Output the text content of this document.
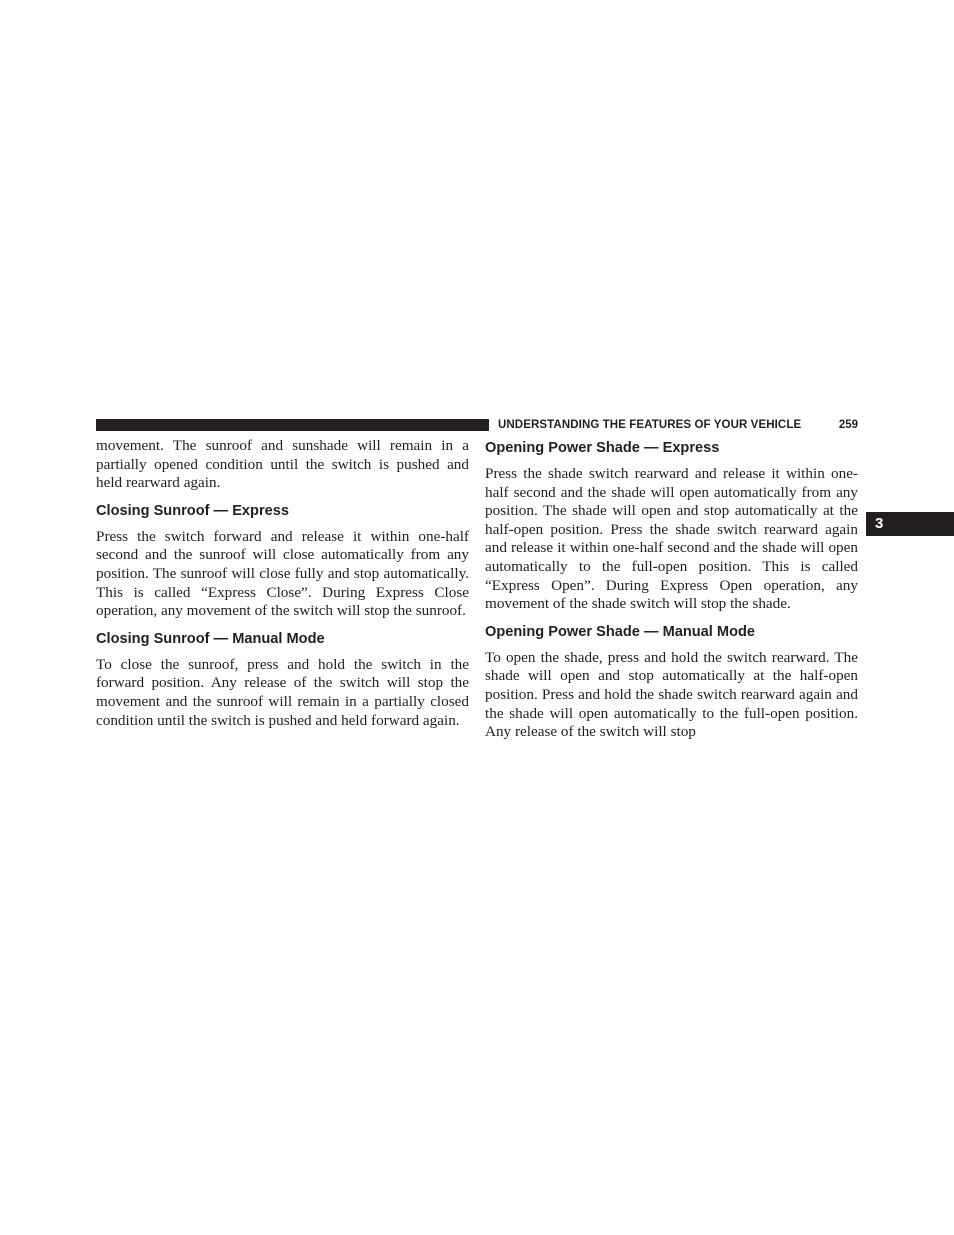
UNDERSTANDING THE FEATURES OF YOUR VEHICLE	259
3

movement. The sunroof and sunshade will remain in a partially opened condition until the switch is pushed and held rearward again.

Closing Sunroof — Express

Press the switch forward and release it within one-half second and the sunroof will close automatically from any position. The sunroof will close fully and stop automatically. This is called “Express Close”. During Express Close operation, any movement of the switch will stop the sunroof.

Closing Sunroof — Manual Mode

To close the sunroof, press and hold the switch in the forward position. Any release of the switch will stop the movement and the sunroof will remain in a partially closed condition until the switch is pushed and held forward again.

Opening Power Shade — Express

Press the shade switch rearward and release it within one-half second and the shade will open automatically from any position. The shade will open and stop automatically at the half-open position. Press the shade switch rearward again and release it within one-half second and the shade will open automatically to the full-open position. This is called “Express Open”. During Express Open operation, any movement of the shade switch will stop the shade.

Opening Power Shade — Manual Mode

To open the shade, press and hold the switch rearward. The shade will open and stop automatically at the half-open position. Press and hold the shade switch rearward again and the shade will open automatically to the full-open position. Any release of the switch will stop
